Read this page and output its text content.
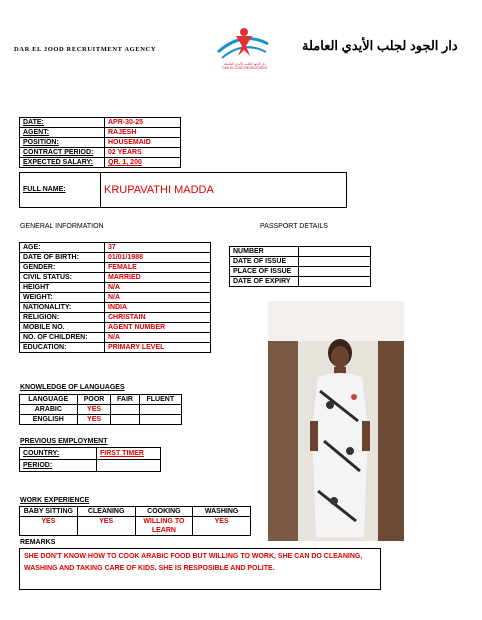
DAR EL JOOD RECRUITMENT AGENCY
دار الجود لجلب الأيدي العاملة
DAR EL JOOD RECRUITMENT
دار الجود لجلب الأيدي العاملة
DATE:	APR-30-25
AGENT:	RAJESH
POSITION:	HOUSEMAID
CONTRACT PERIOD:	02 YEARS
EXPECTED SALARY:	QR. 1, 200
FULL NAME:	KRUPAVATHI MADDA
GENERAL INFORMATION
AGE:	37
DATE OF BIRTH:	01/01/1988
GENDER:	FEMALE
CIVIL STATUS:	MARRIED
HEIGHT	N/A
WEIGHT:	N/A
NATIONALITY:	INDIA
RELIGION:	CHRISTAIN
MOBILE NO.	AGENT NUMBER
NO. OF CHILDREN:	N/A
EDUCATION:	PRIMARY LEVEL
PASSPORT DETAILS
NUMBER	
DATE OF ISSUE	
PLACE OF ISSUE	
DATE OF EXPIRY	
KNOWLEDGE OF LANGUAGES
LANGUAGE	POOR	FAIR	FLUENT
ARABIC	YES		
ENGLISH	YES		
PREVIOUS EMPLOYMENT
COUNTRY:	FIRST TIMER
PERIOD:	
WORK EXPERIENCE
BABY SITTING	CLEANING	COOKING	WASHING
YES	YES	WILLING TO LEARN	YES
REMARKS
SHE DON'T KNOW HOW TO COOK ARABIC FOOD BUT WILLING TO WORK, SHE CAN DO CLEANING, WASHING AND TAKING CARE OF KIDS. SHE IS RESPOSIBLE AND POLITE.
